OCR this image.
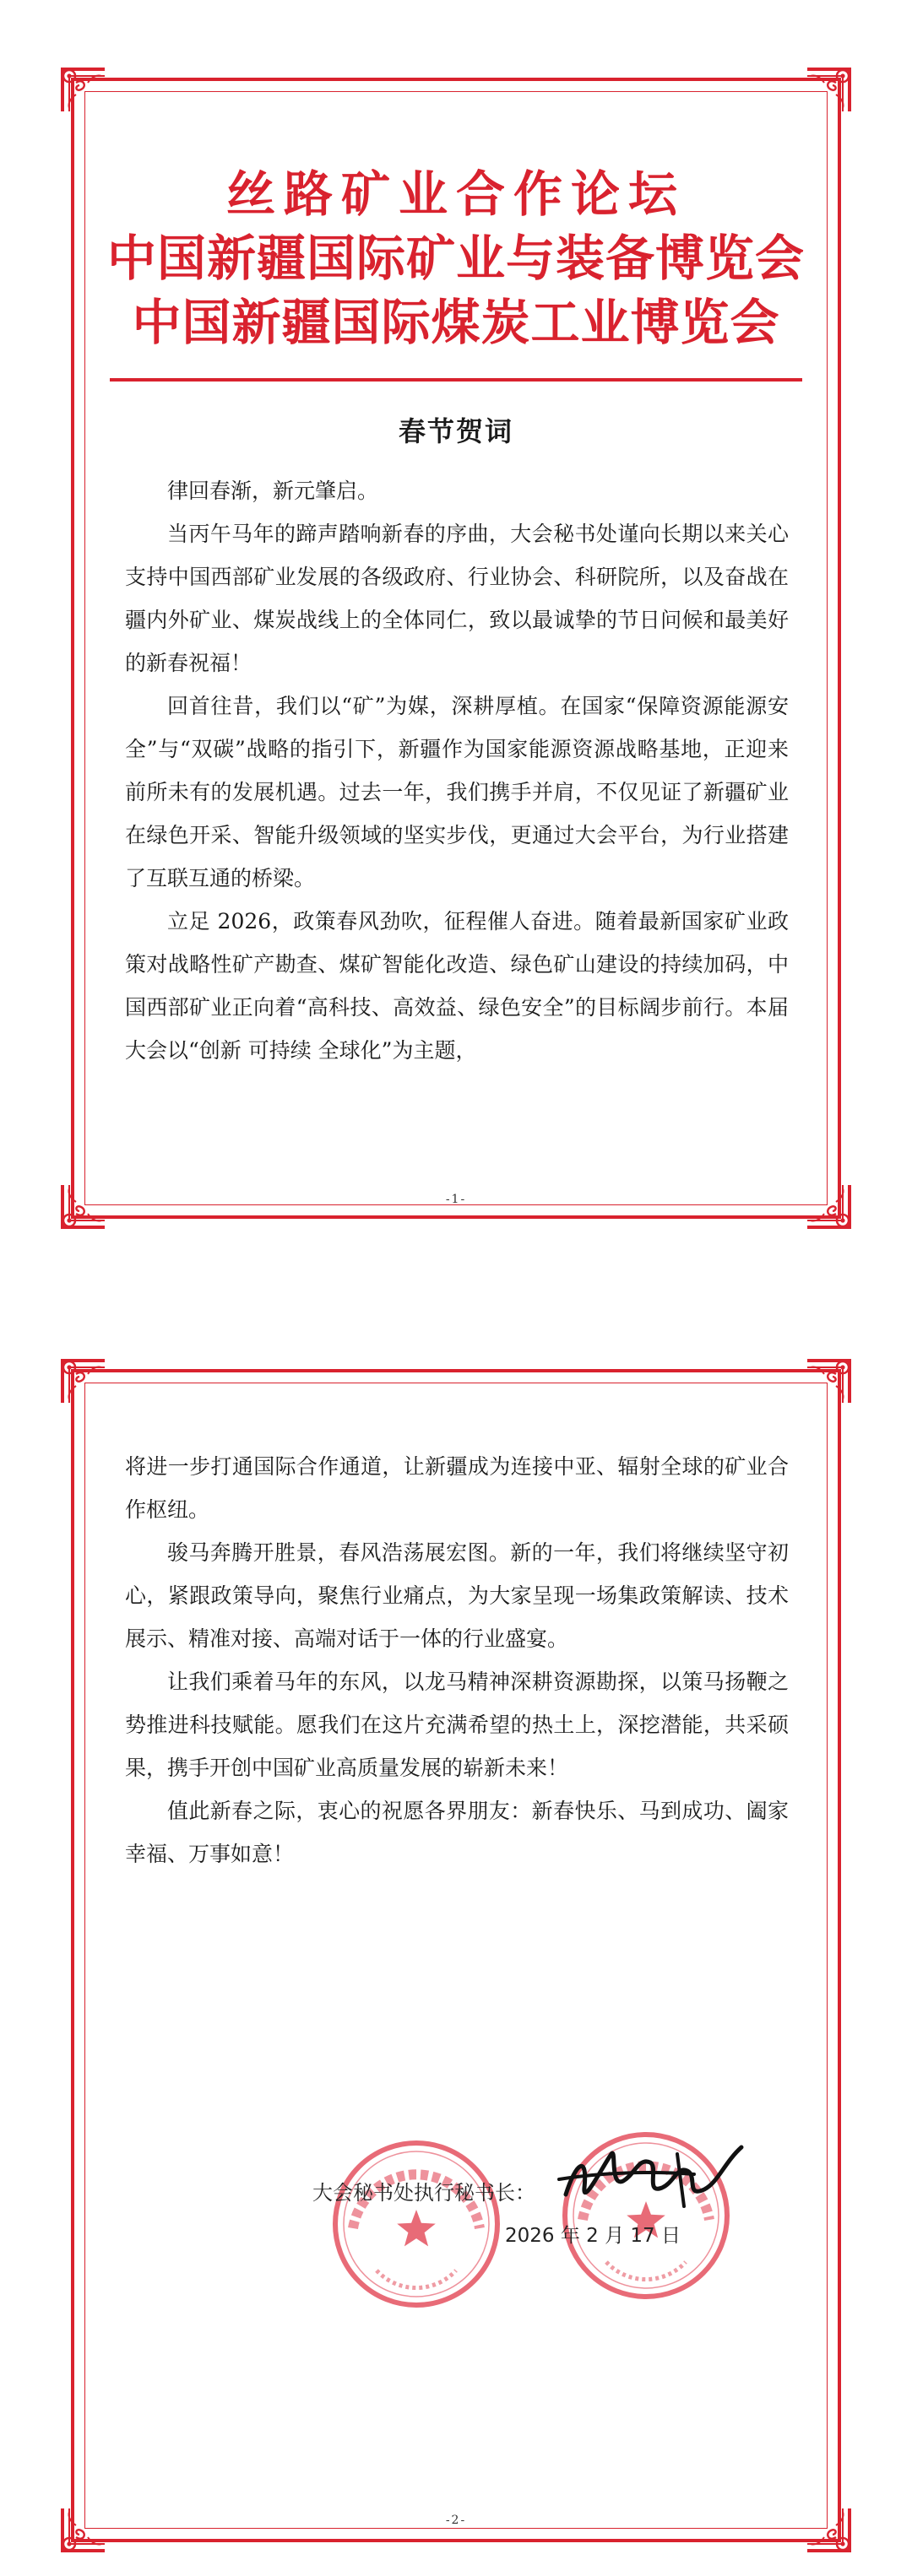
丝路矿业合作论坛
中国新疆国际矿业与装备博览会
中国新疆国际煤炭工业博览会
春节贺词

律回春渐，新元肇启。

当丙午马年的蹄声踏响新春的序曲，大会秘书处谨向长期以来关心支持中国西部矿业发展的各级政府、行业协会、科研院所，以及奋战在疆内外矿业、煤炭战线上的全体同仁，致以最诚挚的节日问候和最美好的新春祝福！

回首往昔，我们以“矿”为媒，深耕厚植。在国家“保障资源能源安全”与“双碳”战略的指引下，新疆作为国家能源资源战略基地，正迎来前所未有的发展机遇。过去一年，我们携手并肩，不仅见证了新疆矿业在绿色开采、智能升级领域的坚实步伐，更通过大会平台，为行业搭建了互联互通的桥梁。

立足 2026，政策春风劲吹，征程催人奋进。随着最新国家矿业政策对战略性矿产勘查、煤矿智能化改造、绿色矿山建设的持续加码，中国西部矿业正向着“高科技、高效益、绿色安全”的目标阔步前行。本届大会以“创新 可持续 全球化”为主题，

-1-

将进一步打通国际合作通道，让新疆成为连接中亚、辐射全球的矿业合作枢纽。

骏马奔腾开胜景，春风浩荡展宏图。新的一年，我们将继续坚守初心，紧跟政策导向，聚焦行业痛点，为大家呈现一场集政策解读、技术展示、精准对接、高端对话于一体的行业盛宴。

让我们乘着马年的东风，以龙马精神深耕资源勘探，以策马扬鞭之势推进科技赋能。愿我们在这片充满希望的热土上，深挖潜能，共采硕果，携手开创中国矿业高质量发展的崭新未来！

值此新春之际，衷心的祝愿各界朋友：新春快乐、马到成功、阖家幸福、万事如意！

大会秘书处执行秘书长：
2026 年 2 月 17 日
-2-
